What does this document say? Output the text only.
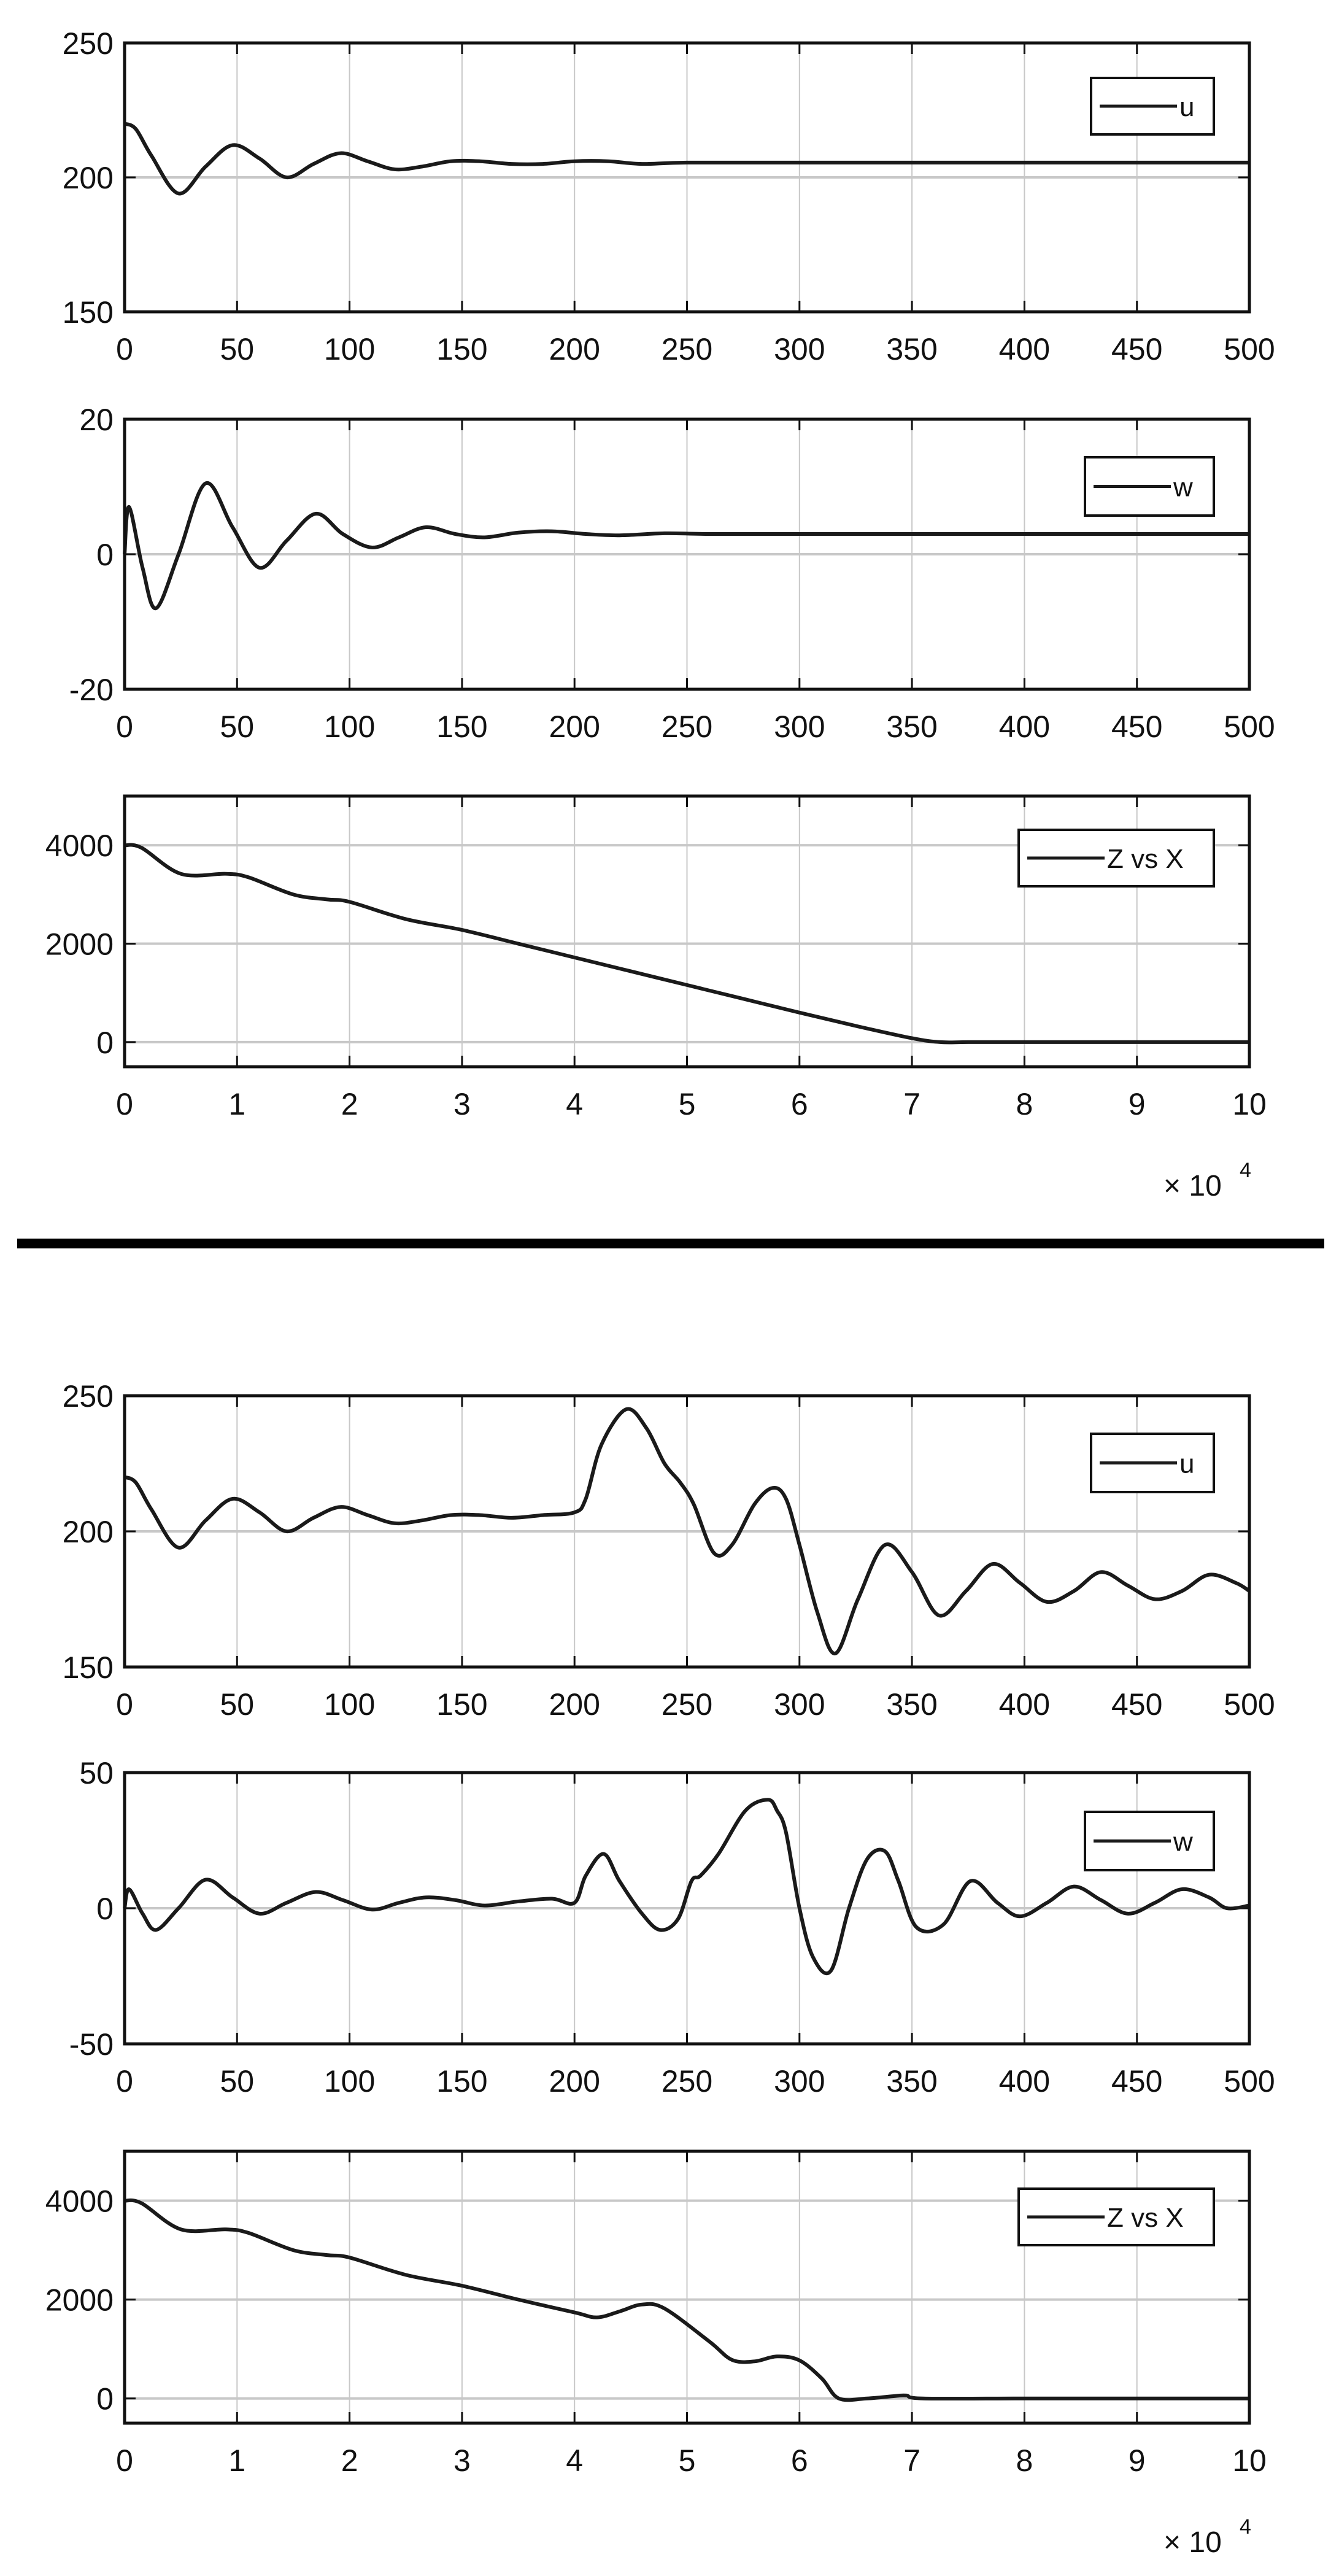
0	50 100 150 200 250 300 350 400 450 500
150
200
250
u
0	50 100 150 200 250 300 350 400 450 500
-20
0
20
w
0	1	2	3	4	5	6	7	8	9	10
0
2000
4000	Z vs X
× 10 4
0	50 100 150 200 250 300 350 400 450 500
150
200
250
u
0	50 100 150 200 250 300 350 400 450 500
-50
0
50
w
0	1	2	3	4	5	6	7	8	9	10
0
2000
4000	Z vs X
× 10 4
